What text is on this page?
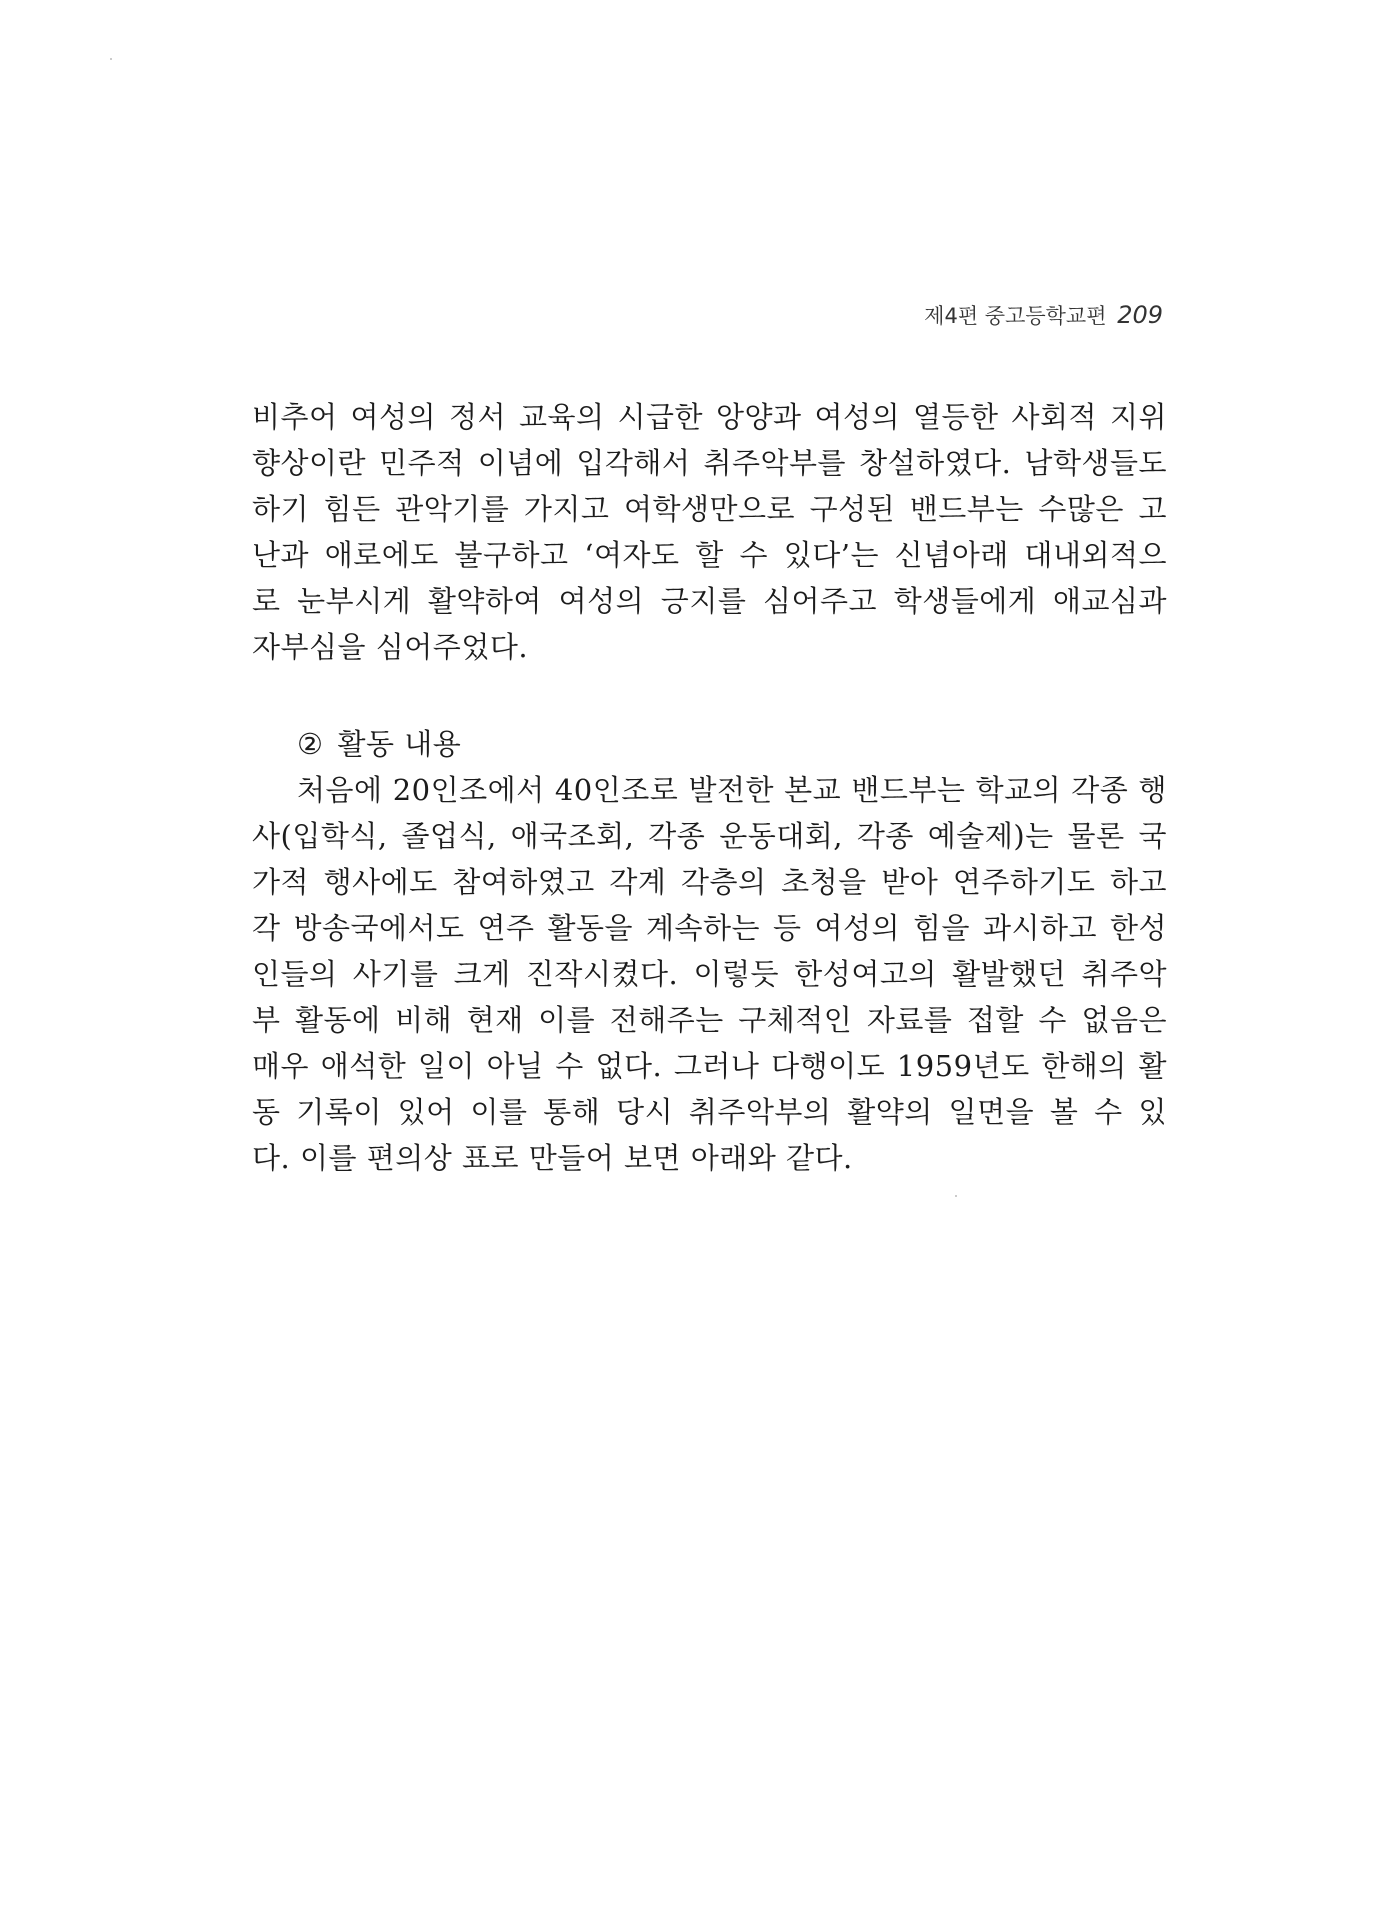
제4편 중고등학교편 209
비추어 여성의 정서 교육의 시급한 앙양과 여성의 열등한 사회적 지위
향상이란 민주적 이념에 입각해서 취주악부를 창설하였다. 남학생들도
하기 힘든 관악기를 가지고 여학생만으로 구성된 밴드부는 수많은 고
난과 애로에도 불구하고 ‘여자도 할 수 있다’는 신념아래 대내외적으
로 눈부시게 활약하여 여성의 긍지를 심어주고 학생들에게 애교심과
자부심을 심어주었다.
② 활동 내용
처음에 20인조에서 40인조로 발전한 본교 밴드부는 학교의 각종 행
사(입학식, 졸업식, 애국조회, 각종 운동대회, 각종 예술제)는 물론 국
가적 행사에도 참여하였고 각계 각층의 초청을 받아 연주하기도 하고
각 방송국에서도 연주 활동을 계속하는 등 여성의 힘을 과시하고 한성
인들의 사기를 크게 진작시켰다. 이렇듯 한성여고의 활발했던 취주악
부 활동에 비해 현재 이를 전해주는 구체적인 자료를 접할 수 없음은
매우 애석한 일이 아닐 수 없다. 그러나 다행이도 1959년도 한해의 활
동 기록이 있어 이를 통해 당시 취주악부의 활약의 일면을 볼 수 있
다. 이를 편의상 표로 만들어 보면 아래와 같다.
